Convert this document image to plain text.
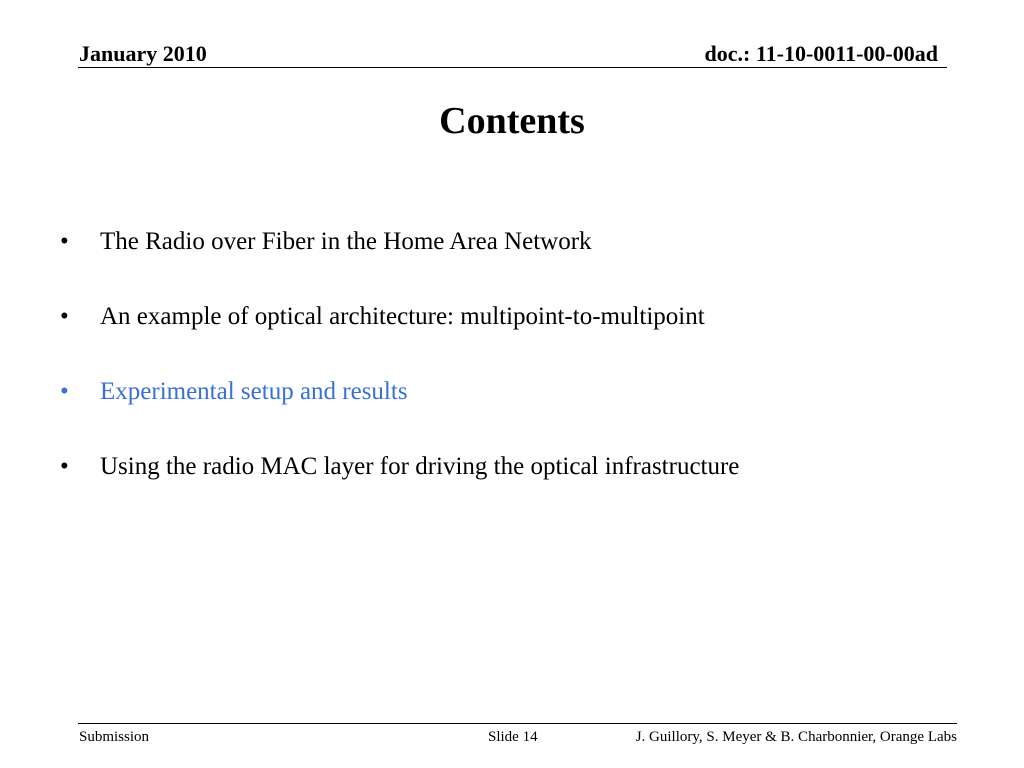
January 2010	doc.: 11-10-0011-00-00ad
Contents
•	The Radio over Fiber in the Home Area Network
•	An example of optical architecture: multipoint-to-multipoint
•	Experimental setup and results
•	Using the radio MAC layer for driving the optical infrastructure
Submission	Slide 14	J. Guillory, S. Meyer & B. Charbonnier, Orange Labs
